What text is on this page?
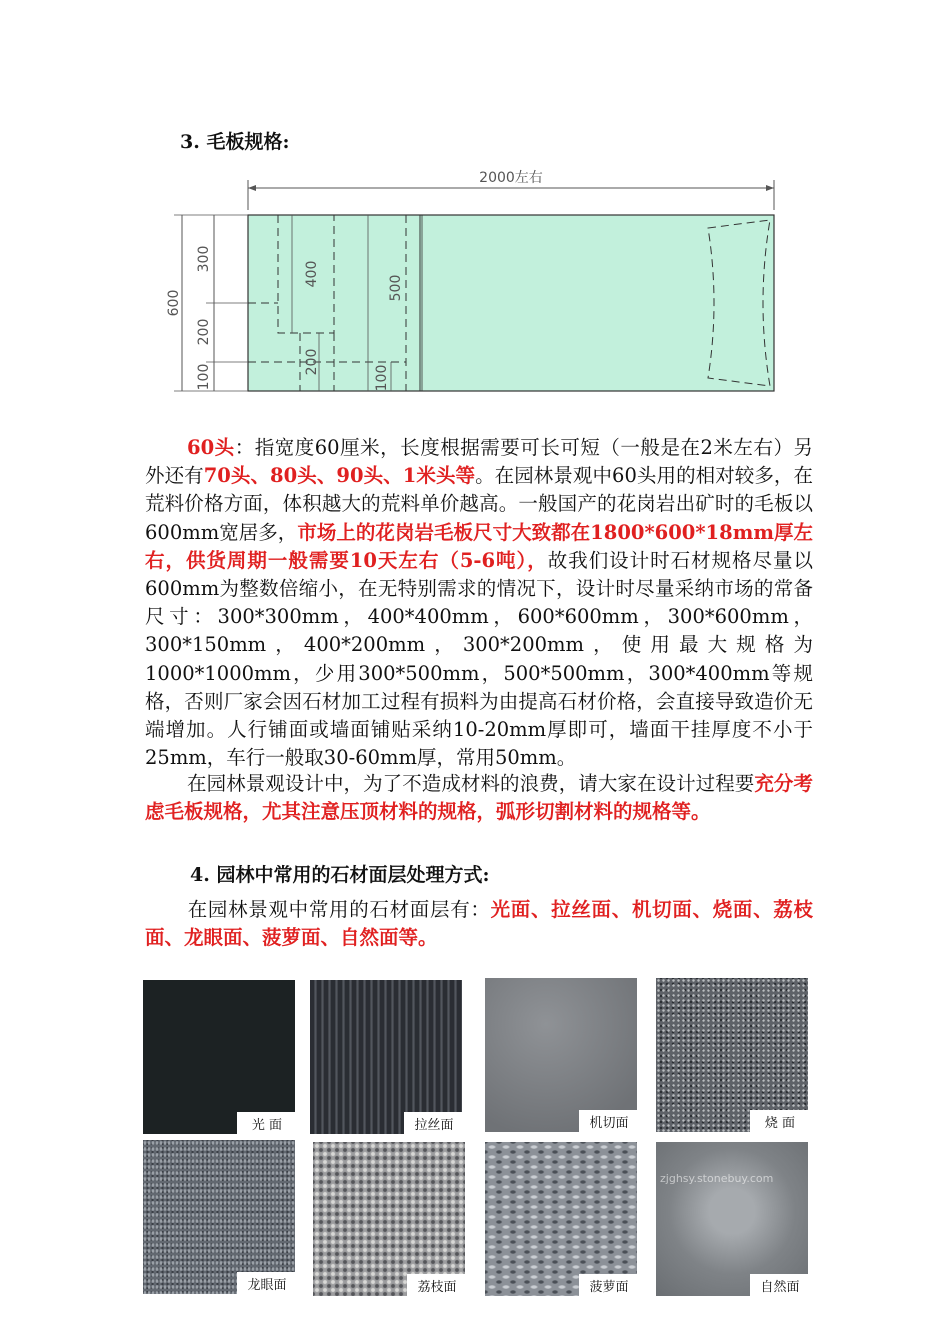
3. 毛板规格:
2000左右
600
300
200
100
400
200
500
100
60头：指宽度60厘米，长度根据需要可长可短（一般是在2米左右）另外还有70头、80头、90头、1米头等。在园林景观中60头用的相对较多，在荒料价格方面，体积越大的荒料单价越高。一般国产的花岗岩出矿时的毛板以600mm宽居多，市场上的花岗岩毛板尺寸大致都在1800*600*18mm厚左右，供货周期一般需要10天左右（5-6吨），故我们设计时石材规格尽量以600mm为整数倍缩小，在无特别需求的情况下，设计时尽量采纳市场的常备尺寸：300*300mm，400*400mm，600*600mm，300*600mm，300*150mm，400*200mm，300*200mm，使用最大规格为1000*1000mm，少用300*500mm，500*500mm，300*400mm等规格，否则厂家会因石材加工过程有损料为由提高石材价格，会直接导致造价无端增加。人行铺面或墙面铺贴采纳10-20mm厚即可，墙面干挂厚度不小于25mm，车行一般取30-60mm厚，常用50mm。
在园林景观设计中，为了不造成材料的浪费，请大家在设计过程要充分考虑毛板规格，尤其注意压顶材料的规格，弧形切割材料的规格等。
4. 园林中常用的石材面层处理方式:
在园林景观中常用的石材面层有：光面、拉丝面、机切面、烧面、荔枝面、龙眼面、菠萝面、自然面等。
光 面	拉丝面	机切面	烧 面
龙眼面	荔枝面	菠萝面
zjghsy.stonebuy.com
自然面
